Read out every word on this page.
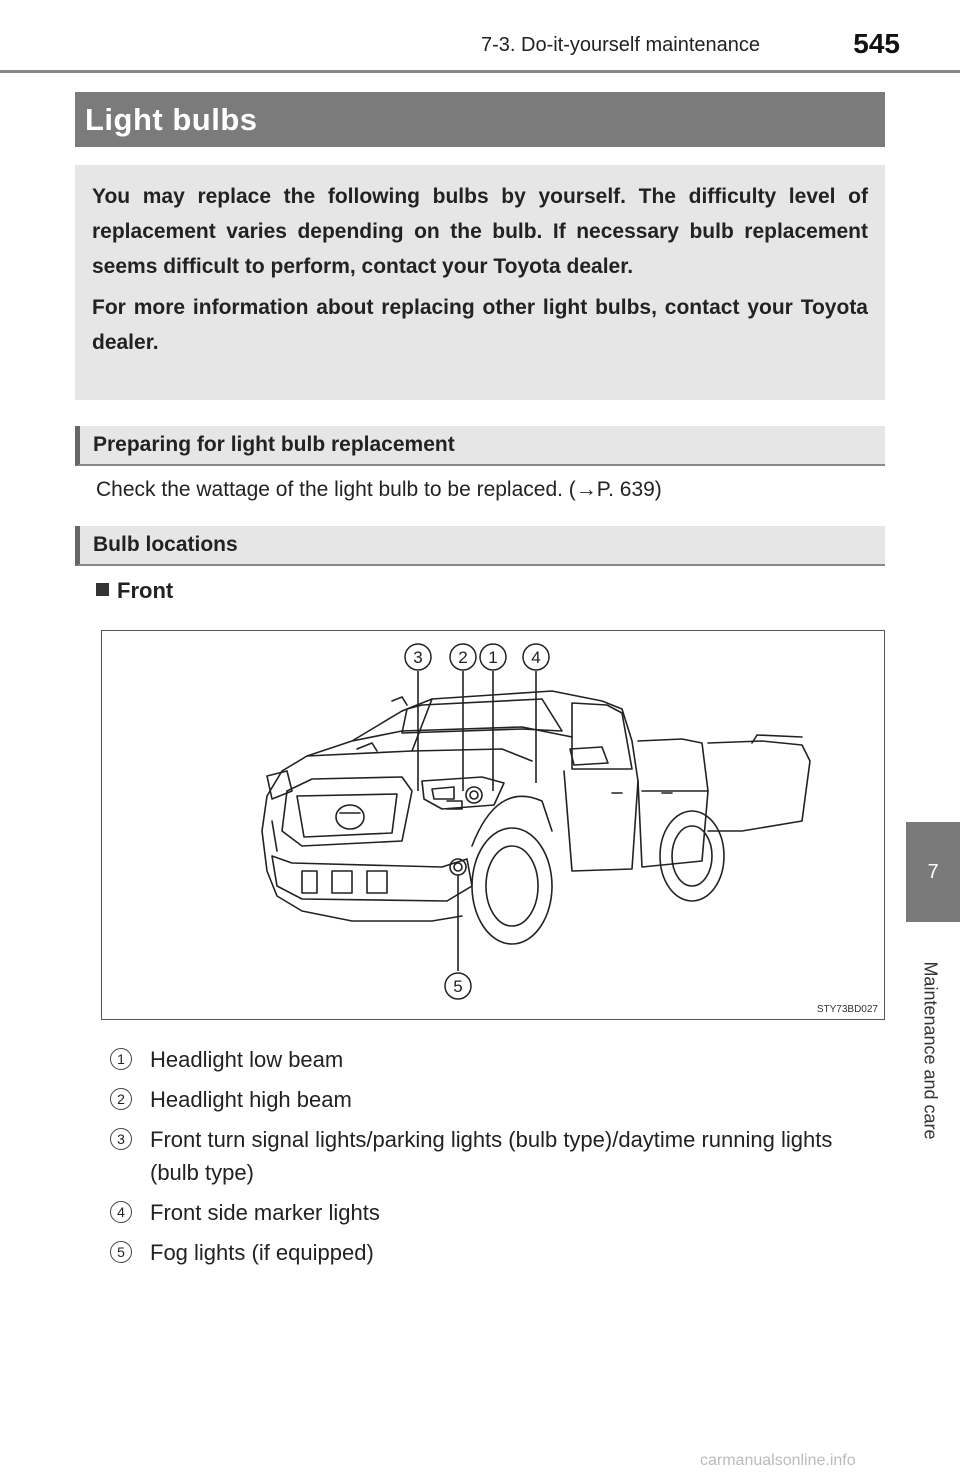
7-3. Do-it-yourself maintenance	545
7
Maintenance and care
Light bulbs

You may replace the following bulbs by yourself. The difficulty level of replacement varies depending on the bulb. If necessary bulb replacement seems difficult to perform, contact your Toyota dealer.

For more information about replacing other light bulbs, contact your Toyota dealer.

Preparing for light bulb replacement
Check the wattage of the light bulb to be replaced. (→P. 639)
Bulb locations
Front
3 2 1 4
5
STY73BD027
1	Headlight low beam
2	Headlight high beam
3	Front turn signal lights/parking lights (bulb type)/daytime running lights (bulb type)
4	Front side marker lights
5	Fog lights (if equipped)
carmanualsonline.info
